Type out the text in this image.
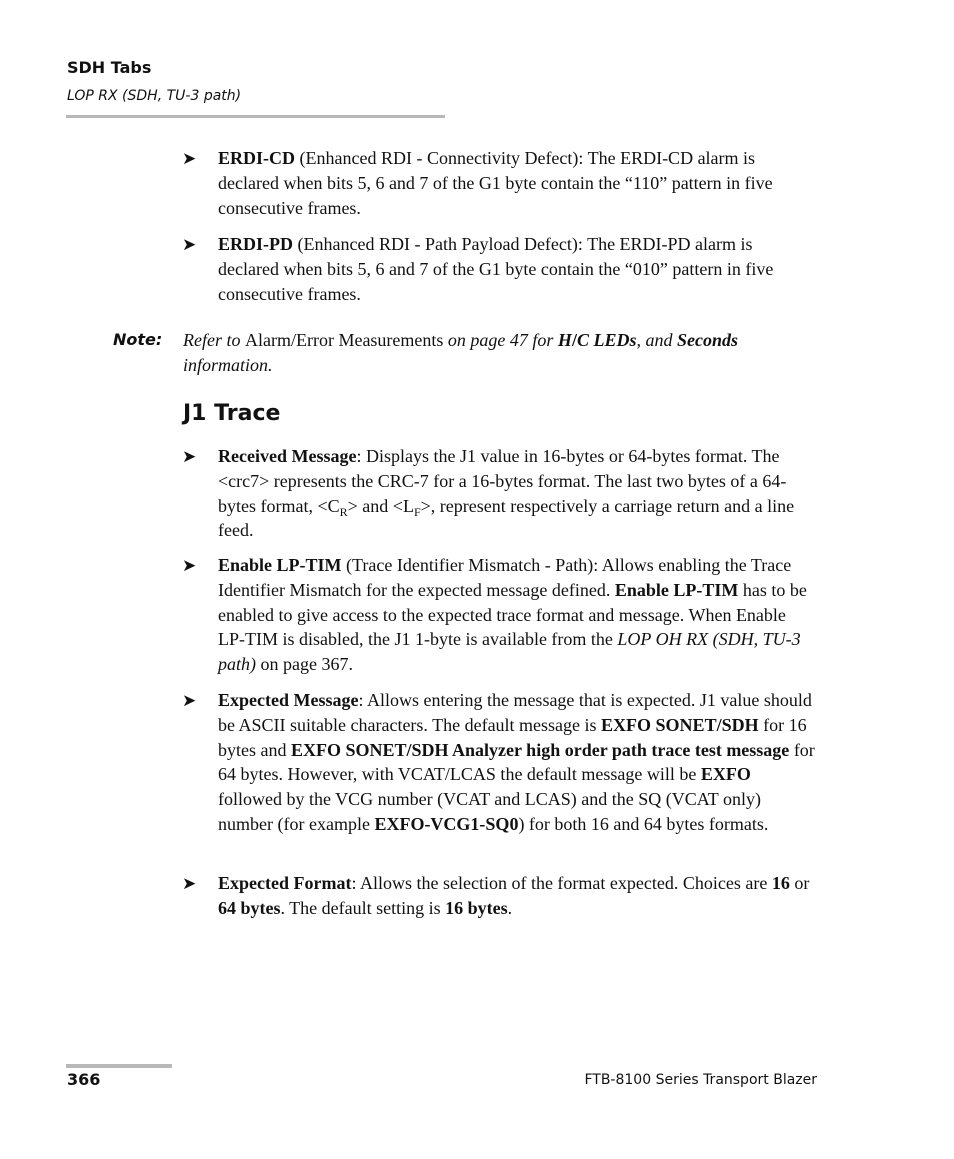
SDH Tabs
LOP RX (SDH, TU-3 path)
➤ ERDI-CD (Enhanced RDI - Connectivity Defect): The ERDI-CD alarm is declared when bits 5, 6 and 7 of the G1 byte contain the “110” pattern in five consecutive frames.
➤ ERDI-PD (Enhanced RDI - Path Payload Defect): The ERDI-PD alarm is declared when bits 5, 6 and 7 of the G1 byte contain the “010” pattern in five consecutive frames.
Note: Refer to Alarm/Error Measurements on page 47 for H/C LEDs, and Seconds information.
J1 Trace
➤ Received Message: Displays the J1 value in 16-bytes or 64-bytes format. The <crc7> represents the CRC-7 for a 16-bytes format. The last two bytes of a 64-bytes format, $<C_R>$ and $<L_F>$, represent respectively a carriage return and a line feed.
➤ Enable LP-TIM (Trace Identifier Mismatch - Path): Allows enabling the Trace Identifier Mismatch for the expected message defined. Enable LP-TIM has to be enabled to give access to the expected trace format and message. When Enable LP-TIM is disabled, the J1 1-byte is available from the LOP OH RX (SDH, TU-3 path) on page 367.
➤ Expected Message: Allows entering the message that is expected. J1 value should be ASCII suitable characters. The default message is EXFO SONET/SDH for 16 bytes and EXFO SONET/SDH Analyzer high order path trace test message for 64 bytes. However, with VCAT/LCAS the default message will be EXFO followed by the VCG number (VCAT and LCAS) and the SQ (VCAT only) number (for example EXFO-VCG1-SQ0) for both 16 and 64 bytes formats.
➤ Expected Format: Allows the selection of the format expected. Choices are 16 or 64 bytes. The default setting is 16 bytes.
366	FTB-8100 Series Transport Blazer
